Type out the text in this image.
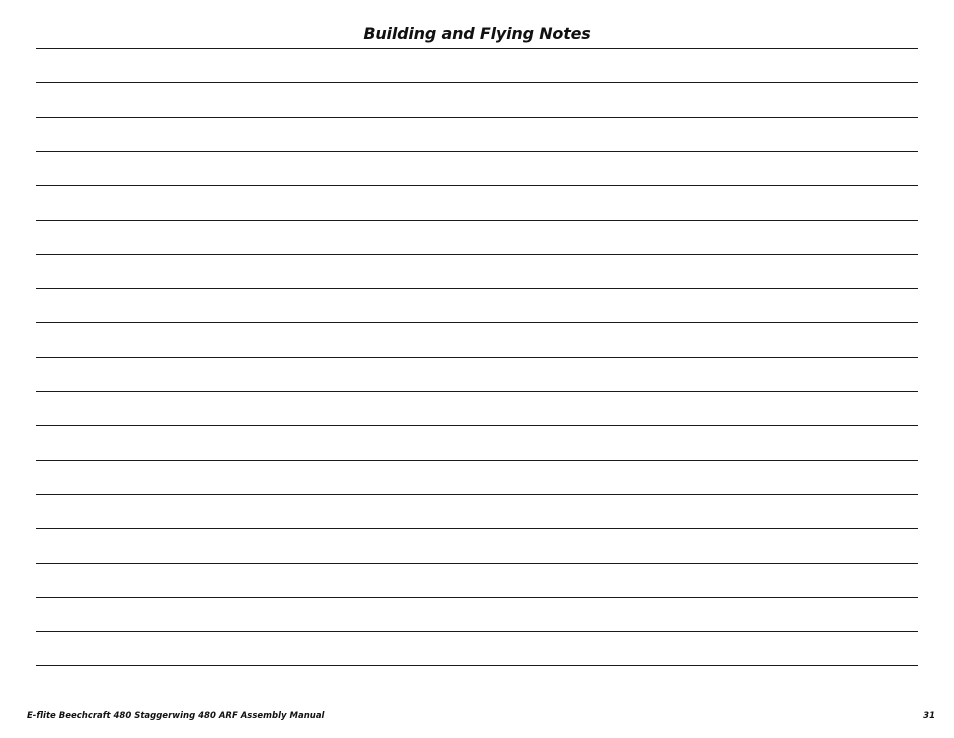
Building and Flying Notes
E-flite Beechcraft 480 Staggerwing 480 ARF Assembly Manual	31
